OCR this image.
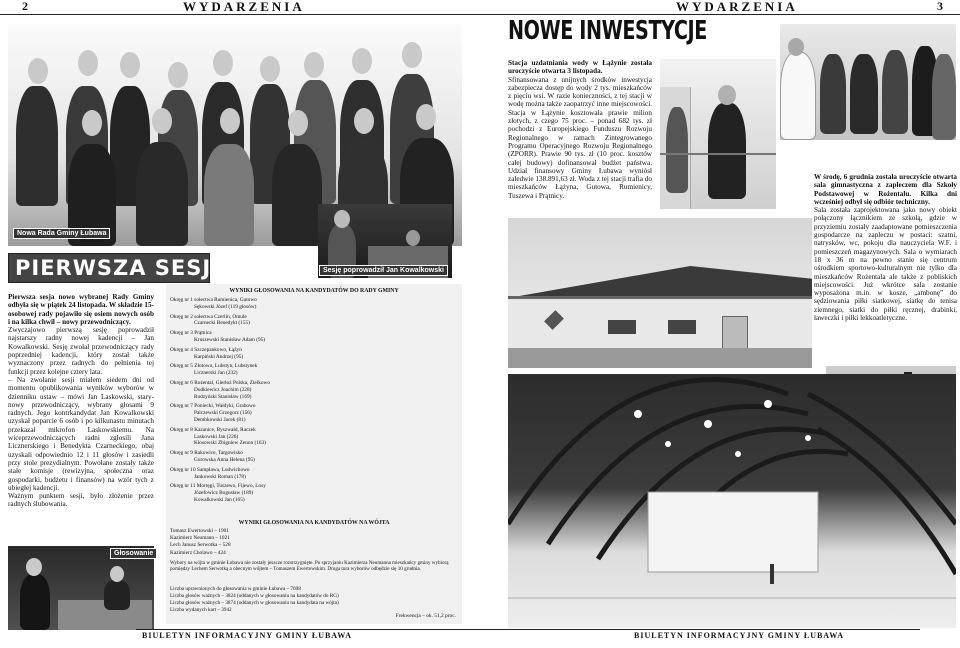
2	WYDARZENIA
Nowa Rada Gminy Łubawa
PIERWSZA SESJA	Sesję poprowadził Jan Kowalkowski

Pierwsza sesja nowo wybranej Rady Gminy odbyła się w piątek 24 listopada. W składzie 15-osobowej rady pojawiło się osiem nowych osób i na kilka chwil – nowy przewodniczący.

Zwyczajowo pierwszą sesję poprowadził najstarszy radny nowej kadencji – Jan Kowalkowski. Sesję zwołał przewodniczący rady poprzedniej kadencji, który został także wyznaczony przez radnych do pełnienia tej funkcji przez kolejne cztery lata.

– Na zwołanie sesji miałem siedem dni od momentu opublikowania wyników wyborów w dzienniku ustaw – mówi Jan Laskowski, stary-nowy przewodniczący, wybrany głosami 9 radnych. Jego kontrkandydat Jan Kowalkowski uzyskał poparcie 6 osób i po kilkunastu minutach przekazał mikrofon Laskowskiemu. Na wiceprzewodniczących radni zgłosili Jana Licznerskiego i Benedykta Czarneckiego, obaj uzyskali odpowiednio 12 i 11 głosów i zasiedli przy stole prezydialnym. Powołane zostały także stałe komisje (rewizyjna, społeczna oraz gospodarki, budżetu i finansów) na wzór tych z ubiegłej kadencji.

Ważnym punktem sesji, było złożenie przez radnych ślubowania.

Głosowanie
WYNIKI GŁOSOWANIA NA KANDYDATÓW DO RADY GMINY
Okręg nr 1 sołectwa Rumienica, Gutowo
Sękowski Józef (119 głosów)
Okręg nr 2 sołectwa Czerlin, Omule
Czarnecki Benedykt (155)
Okręg nr 3 Prątnica
Kruszewski Stanisław Adam (95)
Okręg nr 4 Szczepankowo, Łążyn
Karpiński Andrzej (95)
Okręg nr 5 Złotowo, Lubstyn, Lubstynek
Licznerski Jan (232)
Okręg nr 6 Rożental, Gierłoż Polska, Zielkowo
Dudkiewicz Joachim (228)
Rudzyński Stanisław (169)
Okręg nr 7 Poniecki, Wałdyki, Grabowo
Palczewski Grzegorz (156)
Dembkowski Jacek (81)
Okręg nr 8 Kazanice, Byszwałd, Raczek
Laskowski Jan (226)
Kłosowski Zbigniew Zenon (163)
Okręg nr 9 Rakowice, Targowisko
Gurowska Anna Helena (95)
Okręg nr 10 Sampława, Ludwichowo
Jankowski Roman (178)
Okręg nr 11 Mortęgi, Tuszewo, Fijewo, Losy
Józefowicz Bogusław (189)
Kowalkowski Jan (165)
WYNIKI GŁOSOWANIA NA KANDYDATÓW NA WÓJTA
Tomasz Ewertowski – 1901
Kazimierz Neumann – 1021
Lech Janusz Serwotka – 528
Kazimierz Cholawo – 424
Wybory na wójta w gminie Łubawa nie zostały jeszcze rozstrzygnięte. Po sprzyjaniu Kazimierza Neumanna mieszkańcy gminy wybiorą pomiędzy Lechem Serwotką a obecnym wójtem – Tomaszem Ewertowskim. Druga tura wyborów odbędzie się 10 grudnia.
Liczba uprawnionych do głosowania w gminie Łubawa – 7698
Liczba głosów ważnych – 3824 (oddanych w głosowaniu na kandydatów do RG)
Liczba głosów ważnych – 3874 (oddanych w głosowaniu na kandydata na wójta)
Liczba wydanych kart – 3942
Frekwencja – ok. 51,2 proc.
BIULETYN INFORMACYJNY GMINY ŁUBAWA
WYDARZENIA	3
NOWE INWESTYCJE

Stacja uzdatniania wody w Łążynie została uroczyście otwarta 3 listopada.

Sfinansowana z unijnych środków inwestycja zabezpiecza dostęp do wody 2 tys. mieszkańców z pięciu wsi. W razie konieczności, z tej stacji w wodę można także zaopatrzyć inne miejscowości. Stacja w Łążynie kosztowała prawie milion złotych, z czego 75 proc. – ponad 682 tys. zł pochodzi z Europejskiego Funduszu Rozwoju Regionalnego w ramach Zintegrowanego Programu Operacyjnego Rozwoju Regionalnego (ZPORR). Prawie 90 tys. zł (10 proc. kosztów całej budowy) dofinansował budżet państwa. Udział finansowy Gminy Łubawa wyniósł zaledwie 138.891,63 zł. Woda z tej stacji trafia do mieszkańców Łążyna, Gutowa, Rumienicy, Tuszewa i Prątnicy.

W środę, 6 grudnia została uroczyście otwarta sala gimnastyczna z zapleczem dla Szkoły Podstawowej w Rożentalu. Kilka dni wcześniej odbył się odbiór techniczny.

Sala została zaprojektowana jako nowy obiekt połączony łącznikiem ze szkołą, gdzie w przyziemiu zostały zaadaptowane pomieszczenia gospodarcze na zapleczu w postaci: szatni, natrysków, wc, pokoju dla nauczyciela W.F. i pomieszczeń magazynowych. Sala o wymiarach 18 x 36 m na pewno stanie się centrum ośrodkiem sportowo-kulturalnym nie tylko dla mieszkańców Rożentala ale także z pobliskich miejscowości. Już wkrótce sala zostanie wyposażona m.in. w kosze, „ambonę” do sędziowania piłki siatkowej, siatkę do tenisa ziemnego, siatki do piłki ręcznej, drabinki, ławeczki i piłki lekkoatletyczne.

BIULETYN INFORMACYJNY GMINY ŁUBAWA
